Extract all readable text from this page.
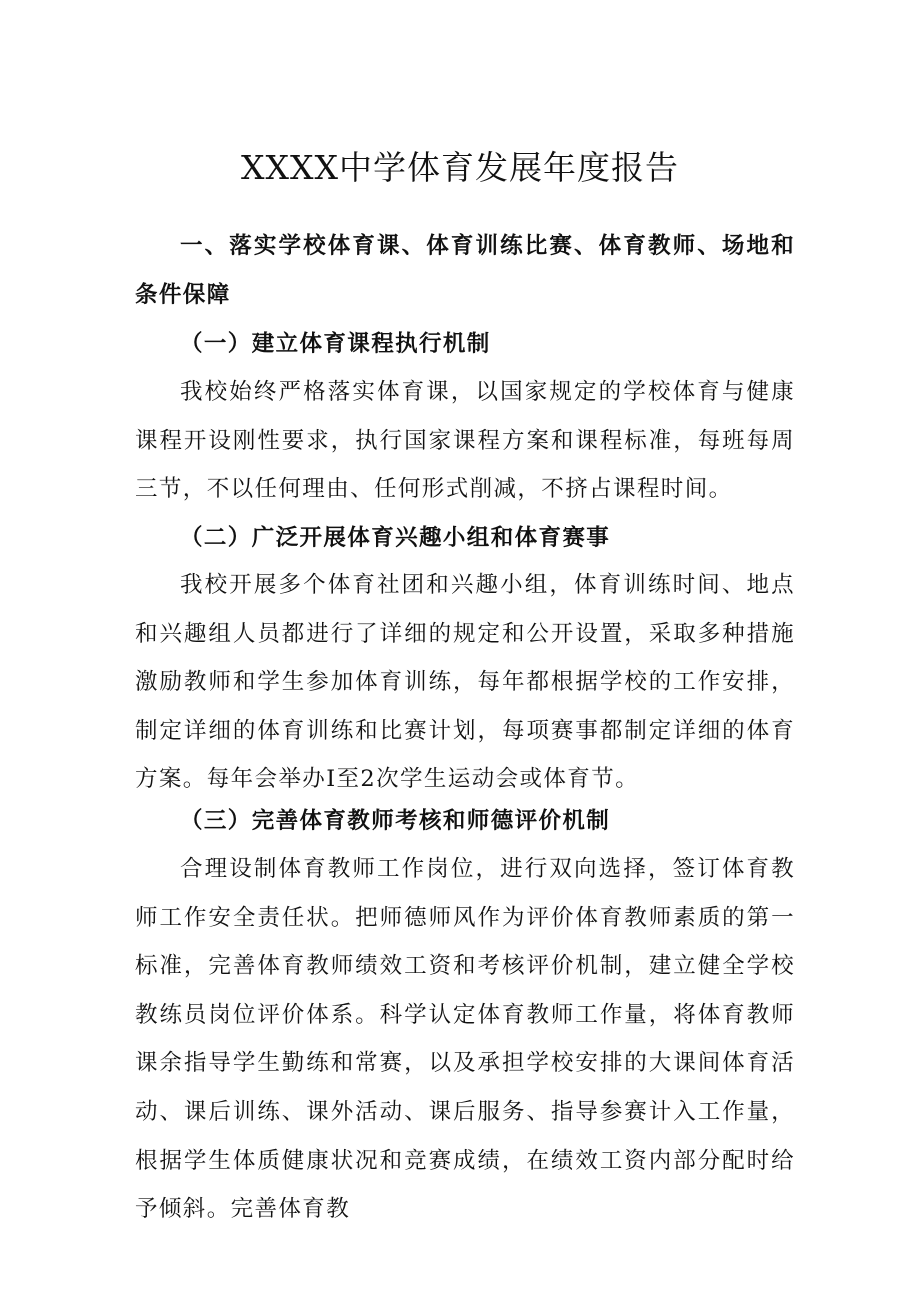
XXXX中学体育发展年度报告

一、落实学校体育课、体育训练比赛、体育教师、场地和条件保障

（一）建立体育课程执行机制

我校始终严格落实体育课，以国家规定的学校体育与健康课程开设刚性要求，执行国家课程方案和课程标准，每班每周三节，不以任何理由、任何形式削减，不挤占课程时间。

（二）广泛开展体育兴趣小组和体育赛事

我校开展多个体育社团和兴趣小组，体育训练时间、地点和兴趣组人员都进行了详细的规定和公开设置，采取多种措施激励教师和学生参加体育训练，每年都根据学校的工作安排，制定详细的体育训练和比赛计划，每项赛事都制定详细的体育方案。每年会举办I至2次学生运动会或体育节。

（三）完善体育教师考核和师德评价机制

合理设制体育教师工作岗位，进行双向选择，签订体育教师工作安全责任状。把师德师风作为评价体育教师素质的第一标准，完善体育教师绩效工资和考核评价机制，建立健全学校教练员岗位评价体系。科学认定体育教师工作量，将体育教师课余指导学生勤练和常赛，以及承担学校安排的大课间体育活动、课后训练、课外活动、课后服务、指导参赛计入工作量，根据学生体质健康状况和竞赛成绩，在绩效工资内部分配时给予倾斜。完善体育教
